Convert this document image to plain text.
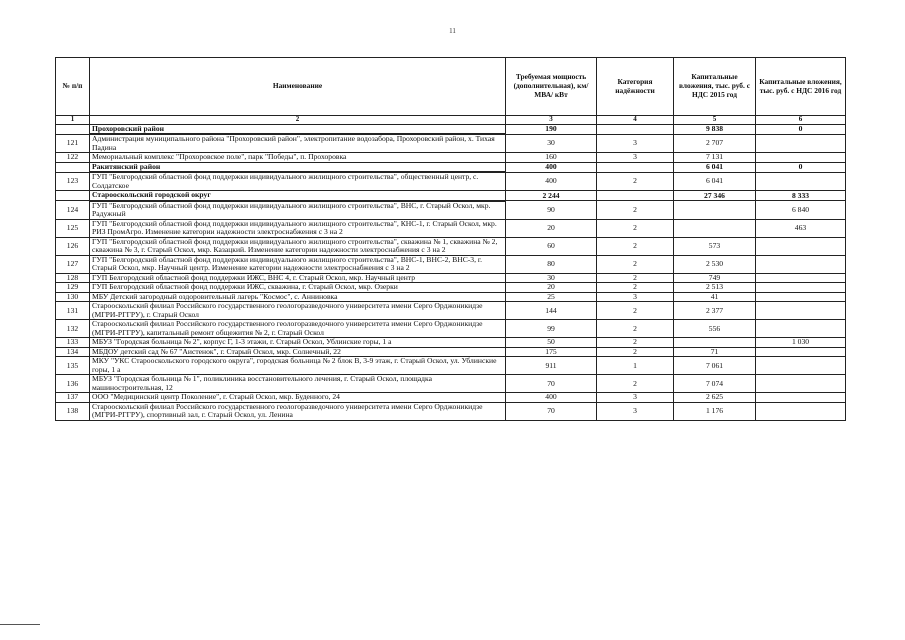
11
№ п/п	Наименование	Требуемая мощность (дополнительная), км/ МВА/ кВт	Категория надёжности	Капитальные вложения, тыс. руб. с НДС 2015 год	Капитальные вложения, тыс. руб. с НДС 2016 год
1	2	3	4	5	6
	Прохоровский район	190		9 838	0
121	Администрация муниципального района "Прохоровский район", электропитание водозабора, Прохоровский район, х. Тихая Падина	30	3	2 707	
122	Мемориальный комплекс "Прохоровское поле", парк "Победы", п. Прохоровка	160	3	7 131	
	Ракитянский район	400		6 041	0
123	ГУП "Белгородский областной фонд поддержки индивидуального жилищного строительства", общественный центр, с. Солдатское	400	2	6 041	
	Старооскольский городской округ	2 244		27 346	8 333
124	ГУП "Белгородский областной фонд поддержки индивидуального жилищного строительства", ВНС, г. Старый Оскол, мкр. Радужный	90	2		6 840
125	ГУП "Белгородский областной фонд поддержки индивидуального жилищного строительства", КНС-1, г. Старый Оскол, мкр. РИЗ ПромАгро. Изменение категории надежности электроснабжения с 3 на 2	20	2		463
126	ГУП "Белгородский областной фонд поддержки индивидуального жилищного строительства", скважина № 1, скважина № 2, скважина № 3, г. Старый Оскол, мкр. Казацкий. Изменение категории надежности электроснабжения с 3 на 2	60	2	573	
127	ГУП "Белгородский областной фонд поддержки индивидуального жилищного строительства", ВНС-1, ВНС-2, ВНС-3, г. Старый Оскол, мкр. Научный центр. Изменение категории надежности электроснабжения с 3 на 2	80	2	2 530	
128	ГУП Белгородский областной фонд поддержки ИЖС, ВНС 4, г. Старый Оскол, мкр. Научный центр	30	2	749	
129	ГУП Белгородский областной фонд поддержки ИЖС, скважина, г. Старый Оскол, мкр. Озерки	20	2	2 513	
130	МБУ Детский загородный оздоровительный лагерь "Космос", с. Анниновка	25	3	41	
131	Старооскольский филиал Российского государственного геологоразведочного университета имени Серго Орджоникидзе (МГРИ-РГГРУ), г. Старый Оскол	144	2	2 377	
132	Старооскольский филиал Российского государственного геологоразведочного университета имени Серго Орджоникидзе (МГРИ-РГГРУ), капитальный ремонт общежития № 2, г. Старый Оскол	99	2	556	
133	МБУЗ "Городская больница № 2", корпус Г, 1-3 этажи, г. Старый Оскол, Ублинские горы, 1 а	50	2		1 030
134	МБДОУ детский сад № 67 "Аистенок", г. Старый Оскол, мкр. Солнечный, 22	175	2	71	
135	МКУ "УКС Старооскольского городского округа", городская больница № 2 блок В, 3-9 этаж, г. Старый Оскол, ул. Ублинские горы, 1 а	911	1	7 061	
136	МБУЗ "Городская больница № 1", поликлиника восстановительного лечения, г. Старый Оскол, площадка машиностроительная, 12	70	2	7 074	
137	ООО "Медицинский центр Поколение", г. Старый Оскол, мкр. Буденного, 24	400	3	2 625	
138	Старооскольский филиал Российского государственного геологоразведочного университета имени Серго Орджоникидзе (МГРИ-РГГРУ), спортивный зал, г. Старый Оскол, ул. Ленина	70	3	1 176	
